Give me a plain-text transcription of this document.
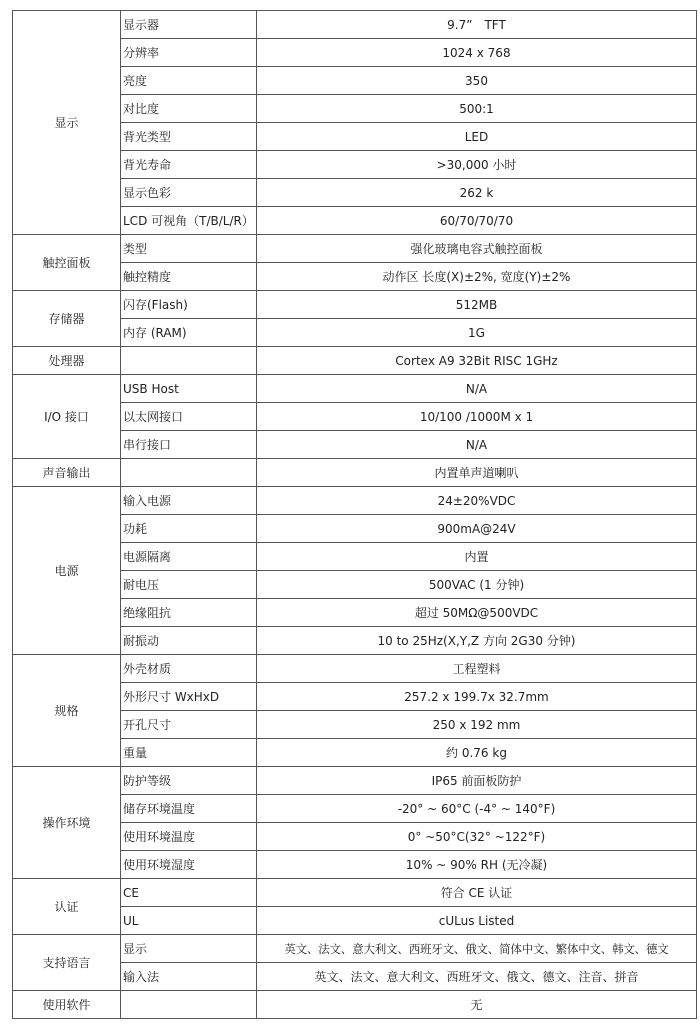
显示	显示器	9.7”　TFT
	分辨率	1024 x 768
	亮度	350
	对比度	500:1
	背光类型	LED
	背光寿命	>30,000 小时
	显示色彩	262 k
	LCD 可视角（T/B/L/R）	60/70/70/70
触控面板	类型	强化玻璃电容式触控面板
	触控精度	动作区 长度(X)±2%, 宽度(Y)±2%
存储器	闪存(Flash)	512MB
	内存 (RAM)	1G
处理器		Cortex A9 32Bit RISC 1GHz
I/O 接口	USB Host	N/A
	以太网接口	10/100 /1000M x 1
	串行接口	N/A
声音输出		内置单声道喇叭
电源	输入电源	24±20%VDC
	功耗	900mA@24V
	电源隔离	内置
	耐电压	500VAC (1 分钟)
	绝缘阻抗	超过 50MΩ@500VDC
	耐振动	10 to 25Hz(X,Y,Z 方向 2G30 分钟)
规格	外壳材质	工程塑料
	外形尺寸 WxHxD	257.2 x 199.7x 32.7mm
	开孔尺寸	250 x 192 mm
	重量	约 0.76 kg
操作环境	防护等级	IP65 前面板防护
	储存环境温度	-20° ~ 60°C (-4° ~ 140°F)
	使用环境温度	0° ~50°C(32° ~122°F)
	使用环境湿度	10% ~ 90% RH (无冷凝)
认证	CE	符合 CE 认证
	UL	cULus Listed
支持语言	显示	英文、法文、意大利文、西班牙文、俄文、简体中文、繁体中文、韩文、德文
	输入法	英文、法文、意大利文、西班牙文、俄文、德文、注音、拼音
使用软件		无
